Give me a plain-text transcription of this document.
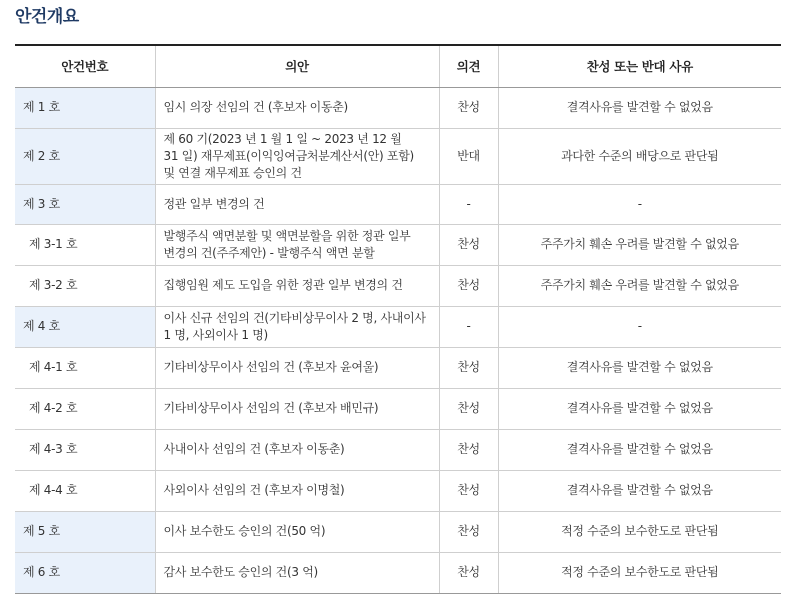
안건개요
안건번호	의안	의견	찬성 또는 반대 사유
제 1 호	임시 의장 선임의 건 (후보자 이동춘)	찬성	결격사유를 발견할 수 없었음
제 2 호	제 60 기(2023 년 1 월 1 일 ~ 2023 년 12 월
31 일) 재무제표(이익잉여금처분계산서(안) 포함)
및 연결 재무제표 승인의 건	반대	과다한 수준의 배당으로 판단됨
제 3 호	정관 일부 변경의 건	-	-
제 3-1 호	발행주식 액면분할 및 액면분할을 위한 정관 일부
변경의 건(주주제안) - 발행주식 액면 분할	찬성	주주가치 훼손 우려를 발견할 수 없었음
제 3-2 호	집행임원 제도 도입을 위한 정관 일부 변경의 건	찬성	주주가치 훼손 우려를 발견할 수 없었음
제 4 호	이사 신규 선임의 건(기타비상무이사 2 명, 사내이사
1 명, 사외이사 1 명)	-	-
제 4-1 호	기타비상무이사 선임의 건 (후보자 윤여울)	찬성	결격사유를 발견할 수 없었음
제 4-2 호	기타비상무이사 선임의 건 (후보자 배민규)	찬성	결격사유를 발견할 수 없었음
제 4-3 호	사내이사 선임의 건 (후보자 이동춘)	찬성	결격사유를 발견할 수 없었음
제 4-4 호	사외이사 선임의 건 (후보자 이명철)	찬성	결격사유를 발견할 수 없었음
제 5 호	이사 보수한도 승인의 건(50 억)	찬성	적정 수준의 보수한도로 판단됨
제 6 호	감사 보수한도 승인의 건(3 억)	찬성	적정 수준의 보수한도로 판단됨
